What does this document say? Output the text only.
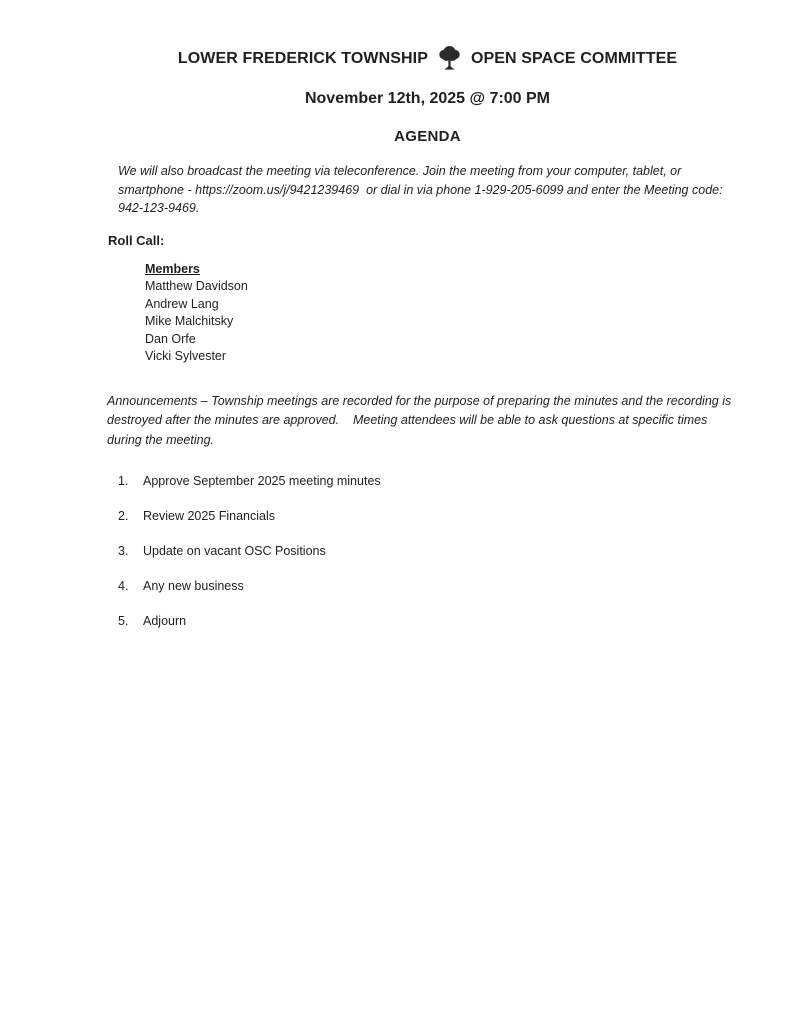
LOWER FREDERICK TOWNSHIP	OPEN SPACE COMMITTEE
November 12th, 2025 @ 7:00 PM
AGENDA

We will also broadcast the meeting via teleconference. Join the meeting from your computer, tablet, or smartphone - https://zoom.us/j/9421239469  or dial in via phone 1-929-205-6099 and enter the Meeting code: 942-123-9469.

Roll Call:
Members
Matthew Davidson
Andrew Lang
Mike Malchitsky
Dan Orfe
Vicki Sylvester

Announcements – Township meetings are recorded for the purpose of preparing the minutes and the recording is destroyed after the minutes are approved.    Meeting attendees will be able to ask questions at specific times during the meeting.

1.	Approve September 2025 meeting minutes
2.	Review 2025 Financials
3.	Update on vacant OSC Positions
4.	Any new business
5.	Adjourn
